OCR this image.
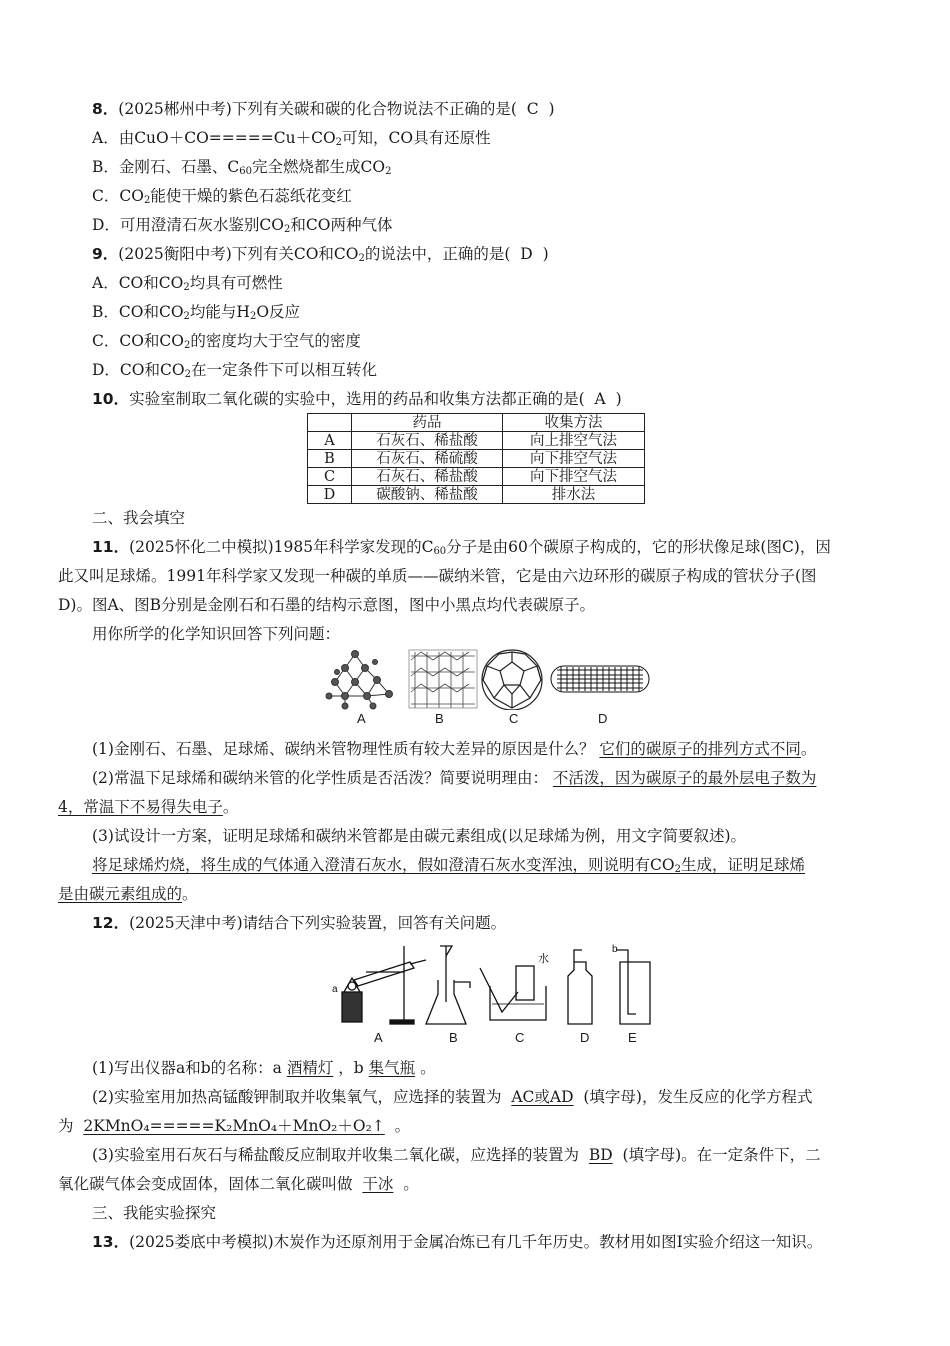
8．(2025郴州中考)下列有关碳和碳的化合物说法不正确的是( C )
A．由$CuO+CO=====Cu+CO_2$可知，CO具有还原性
B．金刚石、石墨、$C_{60}$完全燃烧都生成$CO_2$
C．$CO_2$能使干燥的紫色石蕊纸花变红
D．可用澄清石灰水鉴别$CO_2$和CO两种气体
9．(2025衡阳中考)下列有关CO和$CO_2$的说法中，正确的是( D )
A．CO和$CO_2$均具有可燃性
B．CO和$CO_2$均能与$H_2O$反应
C．CO和$CO_2$的密度均大于空气的密度
D．CO和$CO_2$在一定条件下可以相互转化
10．实验室制取二氧化碳的实验中，选用的药品和收集方法都正确的是( A )
	药品	收集方法
A	石灰石、稀盐酸	向上排空气法
B	石灰石、稀硫酸	向下排空气法
C	石灰石、稀盐酸	向下排空气法
D	碳酸钠、稀盐酸	排水法
二、我会填空
11．(2025怀化二中模拟)1985年科学家发现的$C_{60}$分子是由60个碳原子构成的，它的形状像足球(图C)，因
此又叫足球烯。1991年科学家又发现一种碳的单质——碳纳米管，它是由六边环形的碳原子构成的管状分子(图
D)。图A、图B分别是金刚石和石墨的结构示意图，图中小黑点均代表碳原子。
用你所学的化学知识回答下列问题：
A	B	C	D
(1)金刚石、石墨、足球烯、碳纳米管物理性质有较大差异的原因是什么？ 它们的碳原子的排列方式不同。
(2)常温下足球烯和碳纳米管的化学性质是否活泼？简要说明理由： 不活泼，因为碳原子的最外层电子数为
4，常温下不易得失电子。
(3)试设计一方案，证明足球烯和碳纳米管都是由碳元素组成(以足球烯为例，用文字简要叙述)。
将足球烯灼烧，将生成的气体通入澄清石灰水，假如澄清石灰水变浑浊，则说明有$CO_2$生成，证明足球烯
是由碳元素组成的。
12．(2025天津中考)请结合下列实验装置，回答有关问题。
a
水
b
A	B	C	D	E
(1)写出仪器a和b的名称：a 酒精灯 ，b 集气瓶 。
(2)实验室用加热高锰酸钾制取并收集氧气，应选择的装置为 AC或AD (填字母)，发生反应的化学方程式
为 2KMnO₄=====K₂MnO₄＋MnO₂＋O₂↑ 。
(3)实验室用石灰石与稀盐酸反应制取并收集二氧化碳，应选择的装置为 BD (填字母)。在一定条件下，二
氧化碳气体会变成固体，固体二氧化碳叫做 干冰 。
三、我能实验探究
13．(2025娄底中考模拟)木炭作为还原剂用于金属冶炼已有几千年历史。教材用如图Ⅰ实验介绍这一知识。
